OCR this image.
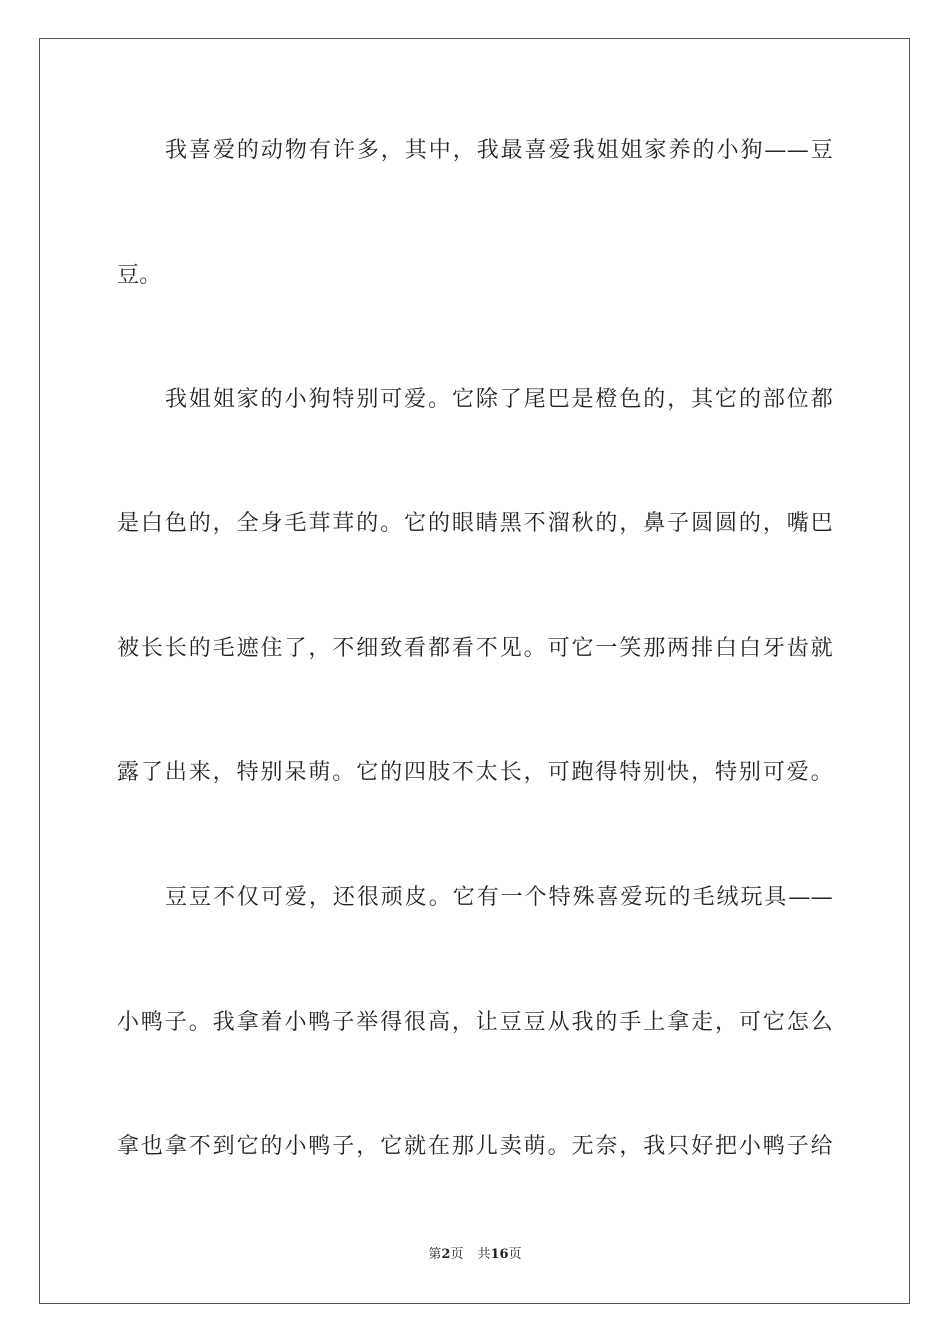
我喜爱的动物有许多，其中，我最喜爱我姐姐家养的小狗——豆
豆。
我姐姐家的小狗特别可爱。它除了尾巴是橙色的，其它的部位都
是白色的，全身毛茸茸的。它的眼睛黑不溜秋的，鼻子圆圆的，嘴巴
被长长的毛遮住了，不细致看都看不见。可它一笑那两排白白牙齿就
露了出来，特别呆萌。它的四肢不太长，可跑得特别快，特别可爱。
豆豆不仅可爱，还很顽皮。它有一个特殊喜爱玩的毛绒玩具——
小鸭子。我拿着小鸭子举得很高，让豆豆从我的手上拿走，可它怎么
拿也拿不到它的小鸭子，它就在那儿卖萌。无奈，我只好把小鸭子给
第2页 共16页
